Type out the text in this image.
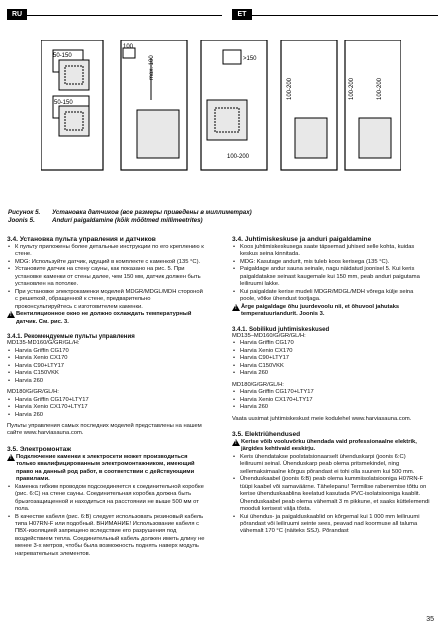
RU	ET
50-150
50-150
100
max. 100	>150
100-200
100-200	100-200	100-200
Рисунок 5. Установка датчиков (все размеры приведены в миллиметрах)
Joonis 5.	Andurí paigaldamine (kõik mõõtmed millimeetrites)
3.4. Установка пульта управления и датчиков
• К пульту приложены более детальные инструкции по его креплению к стене.
• MDG: Используйте датчик, идущий в комплекте с каменкой (135 °C).
• Установите датчик на стену сауны, как показано на рис. 5. При установке каменки от стены далее, чем 150 мм, датчик должен быть установлен на потолке.
• При установке электрокаменки моделей MDGR/MDGL/MDH стороной с решеткой, обращенной к стене, предварительно проконсультируйтесь с изготовителем каменки.
!
Вентиляционное окно не должно охлаждать температурный датчик. См. рис. 3.
3.4.1. Рекомендуемые пульты управления
MD135-MD160/G/GR/GL/H:
• Harvia Griffin CG170
• Harvia Xenio CX170
• Harvia C90+LTY17
• Harvia C150VKK
• Harvia 260
MD180/G/GR/GL/H:
• Harvia Griffin CG170+LTY17
• Harvia Xenio CX170+LTY17
• Harvia 260
Пульты управления самых последних моделей представлены на нашем сайте www.harviasauna.com.
3.5. Электромонтаж
!
Подключение каменки к электросети может производиться только квалифицированным электромонтажником, имеющий право на данный род работ, в соответствии с действующими правилами.
• Каменка гибким проводом подсоединяется к соединительной коробке (рис. 6:C) на стене сауны. Соединительная коробка должна быть брызгозащищенной и находиться на расстоянии не выше 500 мм от пола.
• В качестве кабеля (рис. 6:B) следует использовать резиновый кабель типа H07RN-F или подобный. ВНИМАНИЕ! Использование кабеля с ПВХ-изоляцией запрещено вследствие его разрушения под воздействием тепла. Соединительный кабель должен иметь длину не менее 3-х метров, чтобы была возможность поднять наверх модуль нагревательных элементов.
3.4. Juhtimiskeskuse ja anduri paigaldamine
• Koos juhtimiskeskusega saate täpsemad juhised selle kohta, kuidas keskus seina kinnitada.
• MDG: Kasutage andurit, mis tuleb koos kerisega (135 °C).
• Paigaldage andur sauna seinale, nagu näidatud joonisel 5. Kui keris paigaldatakse seinast kaugemale kui 150 mm, peab anduri paigutama leiliruumi lakke.
• Kui paigaldate kerise mudeli MDGR/MDGL/MDH võrega külje seina poole, võtke ühendust tootjaga.
!
Ärge paigaldage õhu juurdevoolu nii, et õhuvool jahutaks temperatuuriandurit. Joonis 3.
3.4.1. Sobilikud juhtimiskeskused
MD135–MD160/G/GR/GL/H:
• Harvia Griffin CG170
• Harvia Xenio CX170
• Harvia C90+LTY17
• Harvia C150VKK
• Harvia 260
MD180/G/GR/GL/H:
• Harvia Griffin CG170+LTY17
• Harvia Xenio CX170+LTY17
• Harvia 260
Vaata uusimat juhtimiskeskust meie kodulehel www.harviasauna.com.
3.5. Elektriühendused
!
Kerise võib vooluvõrku ühendada vaid professionaalne elektrik, järgides kehtivaid eeskirju.
• Keris ühendatakse poolstatsionaarselt ühenduskarpi (joonis 6:C) leiliruumi seinal. Ühenduskarp peab olema pritsmekindel, ning sellemaksimaalne kõrgus põrandast ei tohi olla suurem kui 500 mm.
• Ühenduskaabel (joonis 6:B) peab olema kummiisolatsiooniga H07RN-F tüüpi kaabel või samaväärne. Tähelepanu! Termilise rabenemise tõttu on kerise ühenduskaablina keelatud kasutada PVC-isolatsiooniga kaablit. Ühenduskaabel peab olema vähemalt 3 m pikkune, et saaks küttelemendi mooduli kerisest välja tõsta.
• Kui ühendus- ja paigalduskaablid on kõrgemal kui 1 000 mm leiliruumi põrandast või leiliruumi seinte sees, peavad nad koormuse all taluma vähemalt 170 °C (näiteks SSJ). Põrandast
35
